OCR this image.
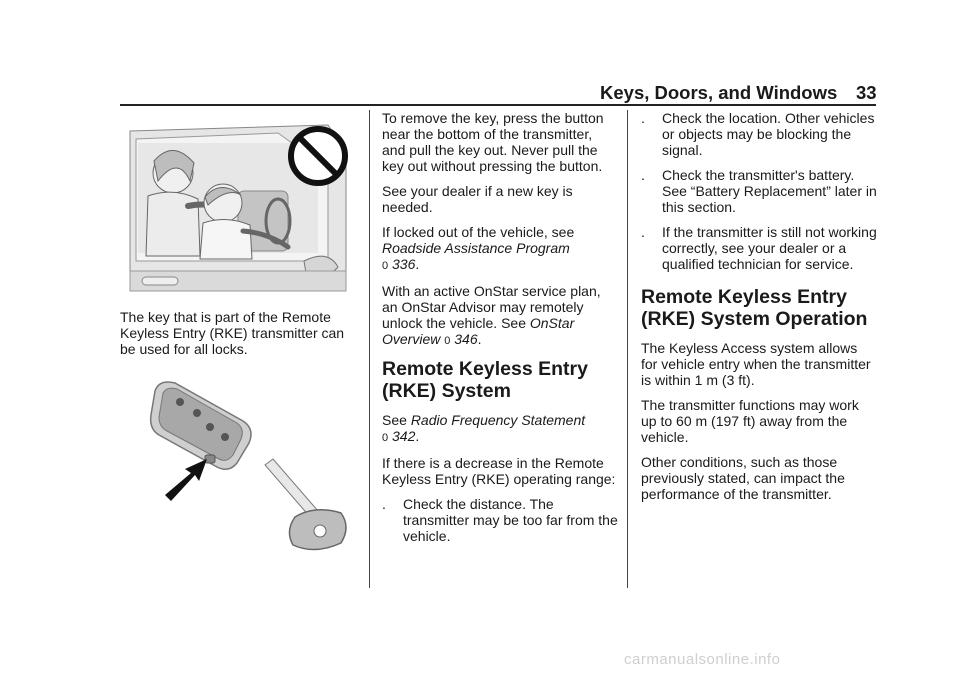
Keys, Doors, and Windows 33
The key that is part of the Remote Keyless Entry (RKE) transmitter can be used for all locks.

To remove the key, press the button near the bottom of the transmitter, and pull the key out. Never pull the key out without pressing the button.

See your dealer if a new key is needed.

If locked out of the vehicle, see
Roadside Assistance Program
0 336.

With an active OnStar service plan, an OnStar Advisor may remotely unlock the vehicle. See OnStar
Overview 0 346.

Remote Keyless Entry
(RKE) System

See Radio Frequency Statement
0 342.

If there is a decrease in the Remote Keyless Entry (RKE) operating range:

. Check the distance. The transmitter may be too far from the vehicle.
. Check the location. Other vehicles or objects may be blocking the signal.
. Check the transmitter's battery. See “Battery Replacement” later in this section.
. If the transmitter is still not working correctly, see your dealer or a qualified technician for service.
Remote Keyless Entry
(RKE) System Operation

The Keyless Access system allows for vehicle entry when the transmitter is within 1 m (3 ft).

The transmitter functions may work up to 60 m (197 ft) away from the vehicle.

Other conditions, such as those previously stated, can impact the performance of the transmitter.

carmanualsonline.info
